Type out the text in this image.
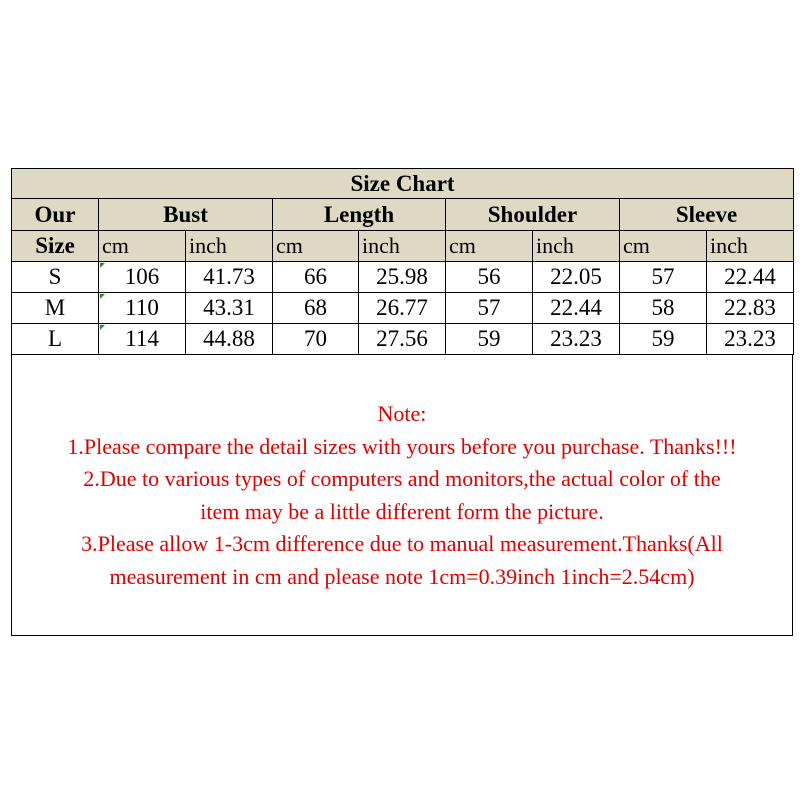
Size Chart								
Our	Bust		Length		Shoulder		Sleeve	
Size	cm	inch	cm	inch	cm	inch	cm	inch
S	106	41.73	66	25.98	56	22.05	57	22.44
M	110	43.31	68	26.77	57	22.44	58	22.83
L	114	44.88	70	27.56	59	23.23	59	23.23
Note:
1.Please compare the detail sizes with yours before you purchase. Thanks!!!
2.Due to various types of computers and monitors,the actual color of the
item may be a little different form the picture.
3.Please allow 1-3cm difference due to manual measurement.Thanks(All
measurement in cm and please note 1cm=0.39inch 1inch=2.54cm)
